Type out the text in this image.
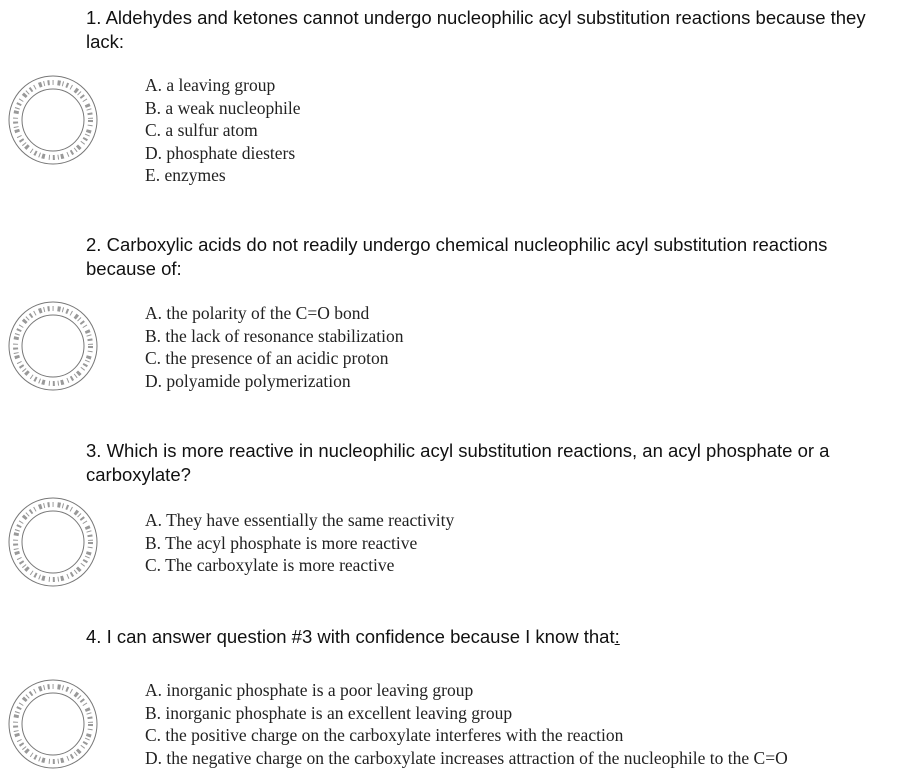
1. Aldehydes and ketones cannot undergo nucleophilic acyl substitution reactions because they lack:
A. a leaving group
B. a weak nucleophile
C. a sulfur atom
D. phosphate diesters
E. enzymes
2. Carboxylic acids do not readily undergo chemical nucleophilic acyl substitution reactions because of:
A. the polarity of the C=O bond
B. the lack of resonance stabilization
C. the presence of an acidic proton
D. polyamide polymerization
3. Which is more reactive in nucleophilic acyl substitution reactions, an acyl phosphate or a carboxylate?
A. They have essentially the same reactivity
B. The acyl phosphate is more reactive
C. The carboxylate is more reactive
4. I can answer question #3 with confidence because I know that:
A. inorganic phosphate is a poor leaving group
B. inorganic phosphate is an excellent leaving group
C. the positive charge on the carboxylate interferes with the reaction
D. the negative charge on the carboxylate increases attraction of the nucleophile to the C=O
